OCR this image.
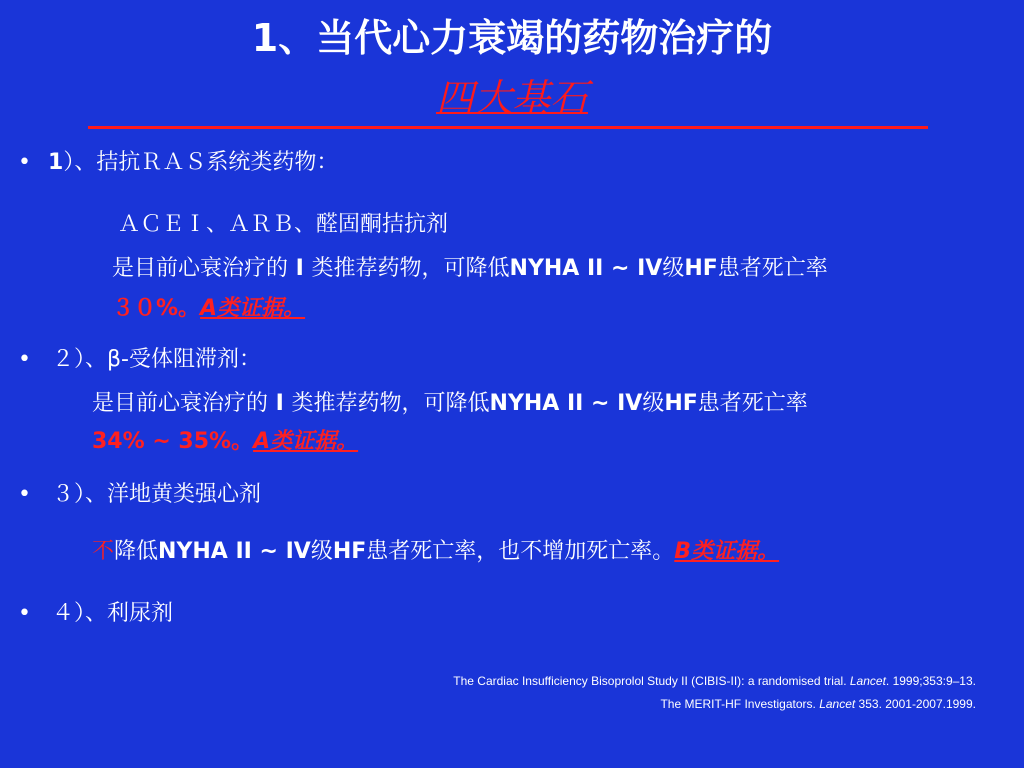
1、当代心力衰竭的药物治疗的
四大基石
• 1）、拮抗ＲＡＳ系统类药物：
ＡＣＥＩ、ＡＲＢ、醛固酮拮抗剂
是目前心衰治疗的 I 类推荐药物，可降低NYHA II ~ IV级HF患者死亡率
３０%。A类证据。
• ２）、β-受体阻滞剂：
是目前心衰治疗的 I 类推荐药物，可降低NYHA II ~ IV级HF患者死亡率
34% ~ 35%。A类证据。
• ３）、洋地黄类强心剂
不降低NYHA II ~ IV级HF患者死亡率，也不增加死亡率。B类证据。
• ４）、利尿剂
The Cardiac Insufficiency Bisoprolol Study II (CIBIS-II): a randomised trial. Lancet. 1999;353:9–13.
The MERIT-HF Investigators. Lancet 353. 2001-2007.1999.
